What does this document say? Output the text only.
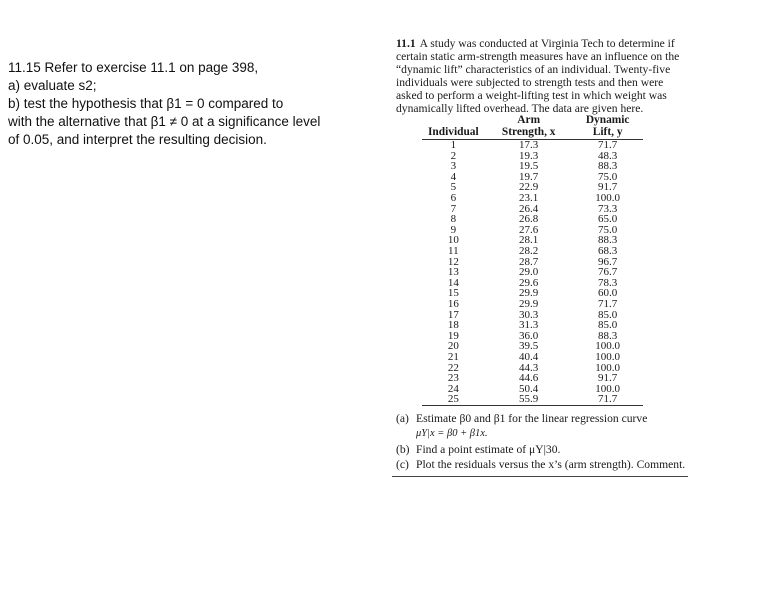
11.15 Refer to exercise 11.1 on page 398,
a) evaluate s2;
b) test the hypothesis that β1 = 0 compared to
with the alternative that β1 ≠ 0 at a significance level
of 0.05, and interpret the resulting decision.
11.1 A study was conducted at Virginia Tech to determine if certain static arm-strength measures have an influence on the “dynamic lift” characteristics of an individual. Twenty-five individuals were subjected to strength tests and then were asked to perform a weight-lifting test in which weight was dynamically lifted overhead. The data are given here.
	Arm	Dynamic
Individual	Strength, x	Lift, y
1	17.3	71.7
2	19.3	48.3
3	19.5	88.3
4	19.7	75.0
5	22.9	91.7
6	23.1	100.0
7	26.4	73.3
8	26.8	65.0
9	27.6	75.0
10	28.1	88.3
11	28.2	68.3
12	28.7	96.7
13	29.0	76.7
14	29.6	78.3
15	29.9	60.0
16	29.9	71.7
17	30.3	85.0
18	31.3	85.0
19	36.0	88.3
20	39.5	100.0
21	40.4	100.0
22	44.3	100.0
23	44.6	91.7
24	50.4	100.0
25	55.9	71.7
(a) Estimate β0 and β1 for the linear regression curve
μY|x = β0 + β1x.
(b) Find a point estimate of μY|30.
(c) Plot the residuals versus the x’s (arm strength). Comment.
